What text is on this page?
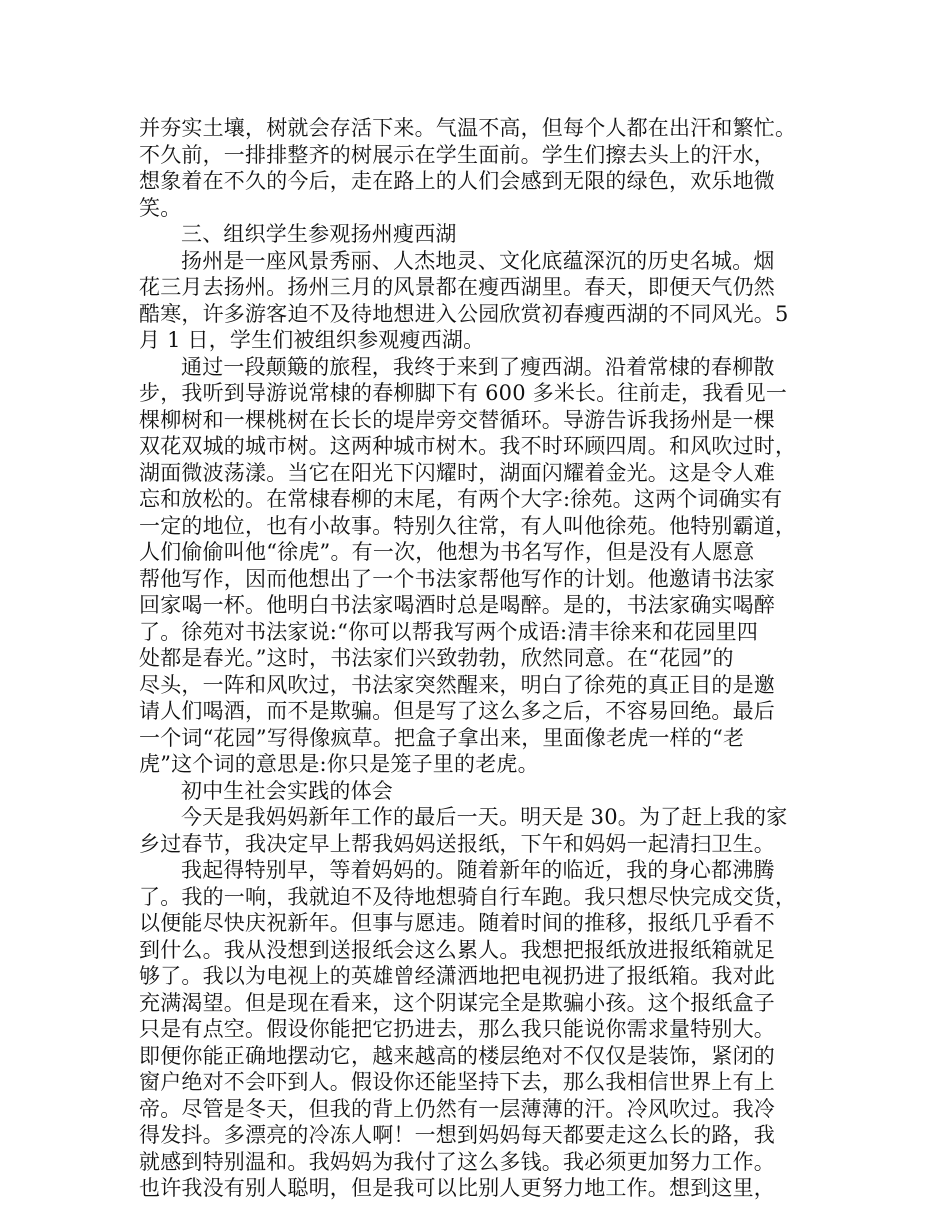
并夯实土壤，树就会存活下来。气温不高，但每个人都在出汗和繁忙。
不久前，一排排整齐的树展示在学生面前。学生们擦去头上的汗水，
想象着在不久的今后，走在路上的人们会感到无限的绿色，欢乐地微
笑。
三、组织学生参观扬州瘦西湖
扬州是一座风景秀丽、人杰地灵、文化底蕴深沉的历史名城。烟
花三月去扬州。扬州三月的风景都在瘦西湖里。春天，即便天气仍然
酷寒，许多游客迫不及待地想进入公园欣赏初春瘦西湖的不同风光。5
月 1 日，学生们被组织参观瘦西湖。
通过一段颠簸的旅程，我终于来到了瘦西湖。沿着常棣的春柳散
步，我听到导游说常棣的春柳脚下有 600 多米长。往前走，我看见一
棵柳树和一棵桃树在长长的堤岸旁交替循环。导游告诉我扬州是一棵
双花双城的城市树。这两种城市树木。我不时环顾四周。和风吹过时，
湖面微波荡漾。当它在阳光下闪耀时，湖面闪耀着金光。这是令人难
忘和放松的。在常棣春柳的末尾，有两个大字:徐苑。这两个词确实有
一定的地位，也有小故事。特别久往常，有人叫他徐苑。他特别霸道，
人们偷偷叫他“徐虎”。有一次，他想为书名写作，但是没有人愿意
帮他写作，因而他想出了一个书法家帮他写作的计划。他邀请书法家
回家喝一杯。他明白书法家喝酒时总是喝醉。是的，书法家确实喝醉
了。徐苑对书法家说:“你可以帮我写两个成语:清丰徐来和花园里四
处都是春光。”这时，书法家们兴致勃勃，欣然同意。在“花园”的
尽头，一阵和风吹过，书法家突然醒来，明白了徐苑的真正目的是邀
请人们喝酒，而不是欺骗。但是写了这么多之后，不容易回绝。最后
一个词“花园”写得像疯草。把盒子拿出来，里面像老虎一样的“老
虎”这个词的意思是:你只是笼子里的老虎。
初中生社会实践的体会
今天是我妈妈新年工作的最后一天。明天是 30。为了赶上我的家
乡过春节，我决定早上帮我妈妈送报纸，下午和妈妈一起清扫卫生。
我起得特别早，等着妈妈的。随着新年的临近，我的身心都沸腾
了。我的一响，我就迫不及待地想骑自行车跑。我只想尽快完成交货，
以便能尽快庆祝新年。但事与愿违。随着时间的推移，报纸几乎看不
到什么。我从没想到送报纸会这么累人。我想把报纸放进报纸箱就足
够了。我以为电视上的英雄曾经潇洒地把电视扔进了报纸箱。我对此
充满渴望。但是现在看来，这个阴谋完全是欺骗小孩。这个报纸盒子
只是有点空。假设你能把它扔进去，那么我只能说你需求量特别大。
即便你能正确地摆动它，越来越高的楼层绝对不仅仅是装饰，紧闭的
窗户绝对不会吓到人。假设你还能坚持下去，那么我相信世界上有上
帝。尽管是冬天，但我的背上仍然有一层薄薄的汗。冷风吹过。我冷
得发抖。多漂亮的冷冻人啊！一想到妈妈每天都要走这么长的路，我
就感到特别温和。我妈妈为我付了这么多钱。我必须更加努力工作。
也许我没有别人聪明，但是我可以比别人更努力地工作。想到这里，
